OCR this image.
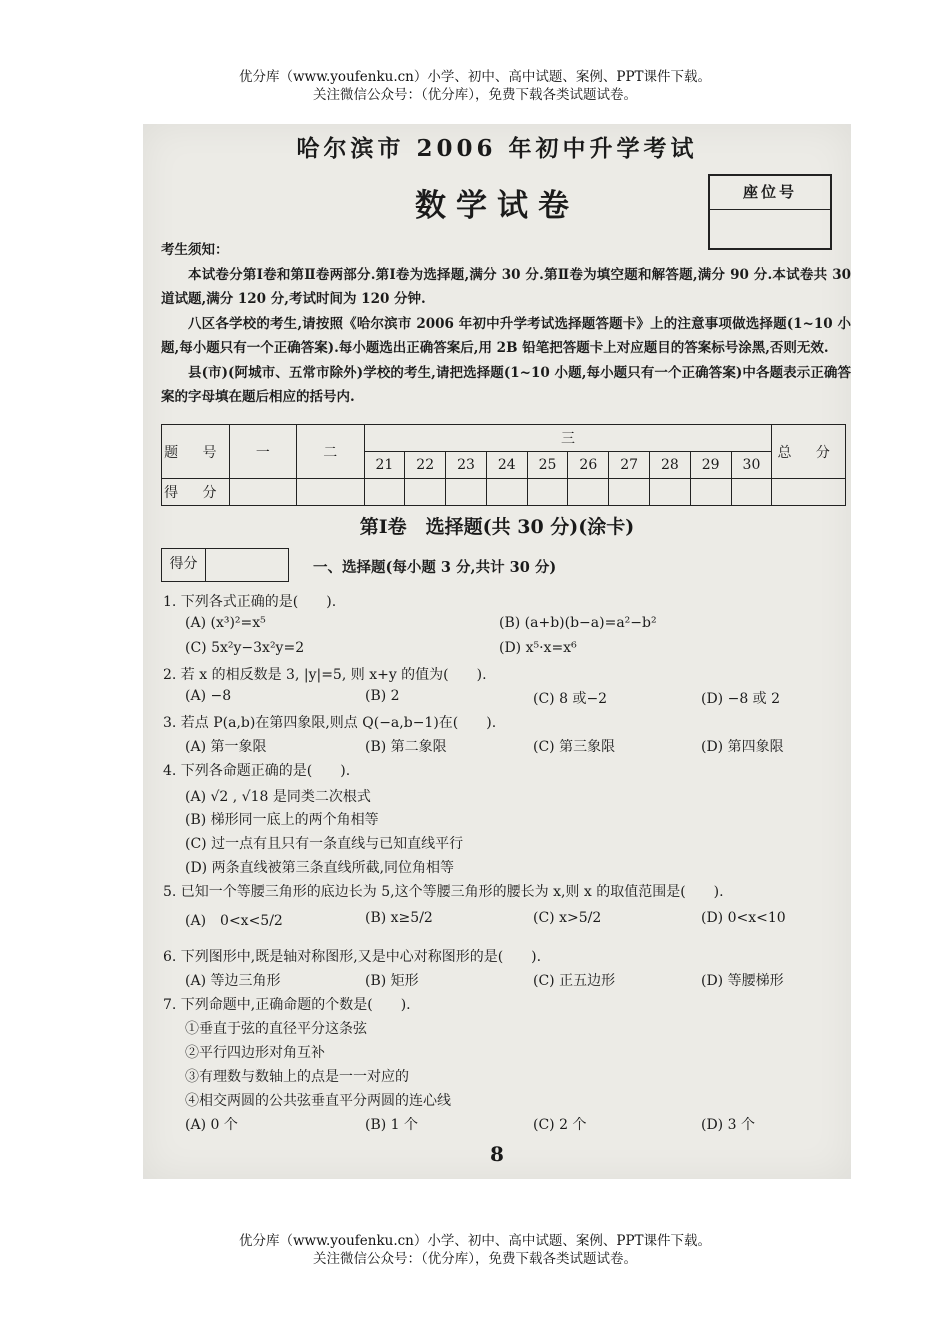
优分库（www.youfenku.cn）小学、初中、高中试题、案例、PPT课件下载。
关注微信公众号：（优分库），免费下载各类试题试卷。
哈尔滨市 2006 年初中升学考试
数学试卷	座位号
考生须知：

本试卷分第Ⅰ卷和第Ⅱ卷两部分.第Ⅰ卷为选择题,满分 30 分.第Ⅱ卷为填空题和解答题,满分 90 分.本试卷共 30 道试题,满分 120 分,考试时间为 120 分钟.

八区各学校的考生,请按照《哈尔滨市 2006 年初中升学考试选择题答题卡》上的注意事项做选择题(1~10 小题,每小题只有一个正确答案).每小题选出正确答案后,用 2B 铅笔把答题卡上对应题目的答案标号涂黑,否则无效.

县(市)(阿城市、五常市除外)学校的考生,请把选择题(1~10 小题,每小题只有一个正确答案)中各题表示正确答案的字母填在题后相应的括号内.

题 号	一	二	三										总 分
			21	22	23	24	25	26	27	28	29	30	
得 分													
第Ⅰ卷　选择题(共 30 分)(涂卡)
得分	一、选择题(每小题 3 分,共计 30 分)
1. 下列各式正确的是(　　).
(A) (x³)²=x⁵	(B) (a+b)(b−a)=a²−b²
(C) 5x²y−3x²y=2	(D) x⁵·x=x⁶
2. 若 x 的相反数是 3, |y|=5, 则 x+y 的值为(　　).
(A) −8	(B) 2	(C) 8 或−2	(D) −8 或 2
3. 若点 P(a,b)在第四象限,则点 Q(−a,b−1)在(　　).
(A) 第一象限	(B) 第二象限	(C) 第三象限	(D) 第四象限
4. 下列各命题正确的是(　　).
(A) √2 , √18 是同类二次根式
(B) 梯形同一底上的两个角相等
(C) 过一点有且只有一条直线与已知直线平行
(D) 两条直线被第三条直线所截,同位角相等
5. 已知一个等腰三角形的底边长为 5,这个等腰三角形的腰长为 x,则 x 的取值范围是(　　).
(A)　0<x<5/2	(B) x≥5/2	(C) x>5/2	(D) 0<x<10
6. 下列图形中,既是轴对称图形,又是中心对称图形的是(　　).
(A) 等边三角形	(B) 矩形	(C) 正五边形	(D) 等腰梯形
7. 下列命题中,正确命题的个数是(　　).
①垂直于弦的直径平分这条弦
②平行四边形对角互补
③有理数与数轴上的点是一一对应的
④相交两圆的公共弦垂直平分两圆的连心线
(A) 0 个	(B) 1 个	(C) 2 个	(D) 3 个
8
优分库（www.youfenku.cn）小学、初中、高中试题、案例、PPT课件下载。
关注微信公众号：（优分库），免费下载各类试题试卷。
